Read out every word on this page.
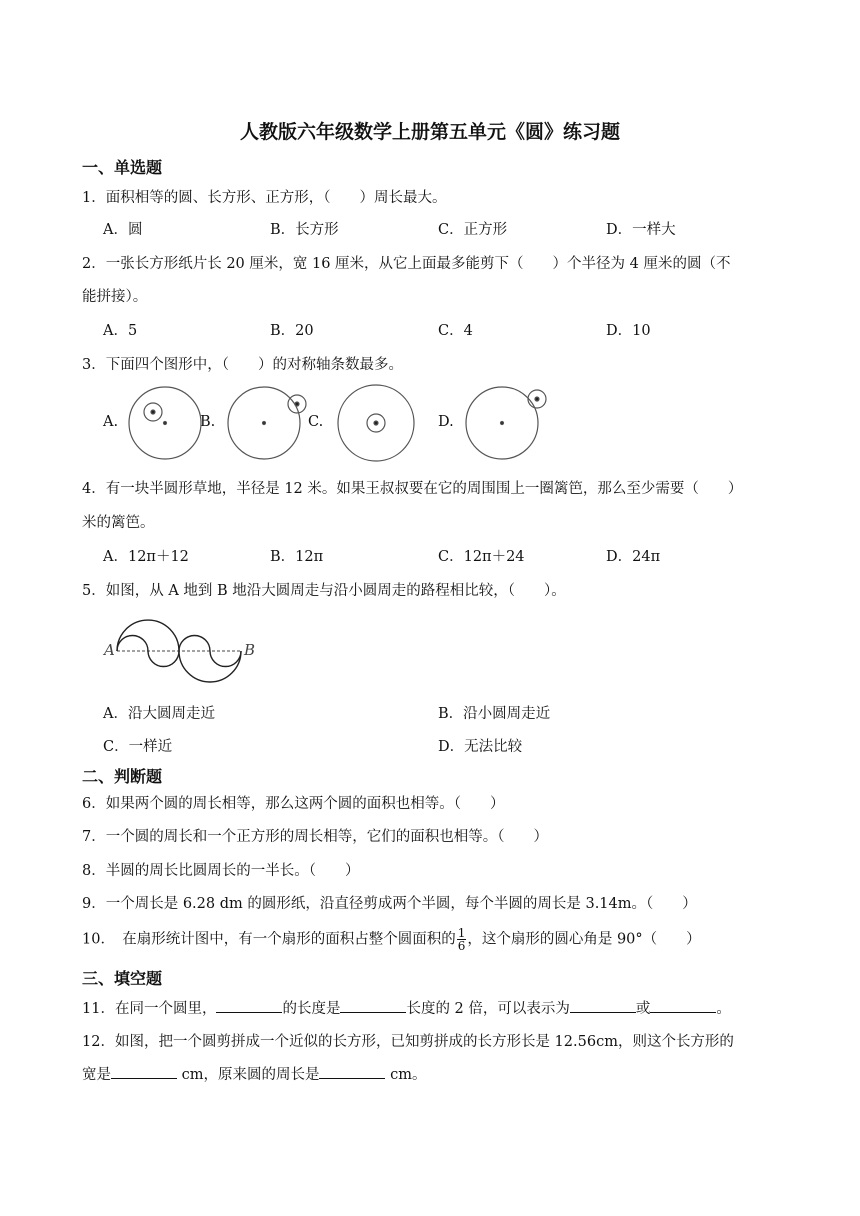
人教版六年级数学上册第五单元《圆》练习题
一、单选题
1．面积相等的圆、长方形、正方形，（　　）周长最大。
A．圆	B．长方形	C．正方形	D．一样大
2．一张长方形纸片长 20 厘米，宽 16 厘米，从它上面最多能剪下（　　）个半径为 4 厘米的圆（不
能拼接）。
A．5	B．20	C．4	D．10
3．下面四个图形中，（　　）的对称轴条数最多。
A.	B.	C.	D.
4．有一块半圆形草地，半径是 12 米。如果王叔叔要在它的周围围上一圈篱笆，那么至少需要（　　）
米的篱笆。
A．12π＋12	B．12π	C．12π＋24	D．24π
5．如图，从 A 地到 B 地沿大圆周走与沿小圆周走的路程相比较，（　　）。
A	B
A．沿大圆周走近	B．沿小圆周走近
C．一样近	D．无法比较
二、判断题
6．如果两个圆的周长相等，那么这两个圆的面积也相等。（　　）
7．一个圆的周长和一个正方形的周长相等，它们的面积也相等。（　　）
8．半圆的周长比圆周长的一半长。（　　）
9．一个周长是 6.28 dm 的圆形纸，沿直径剪成两个半圆，每个半圆的周长是 3.14m。（　　）
10．　在扇形统计图中，有一个扇形的面积占整个圆面积的 $\frac{1}{6}$ ，这个扇形的圆心角是 90°（　　）
三、填空题
11．在同一个圆里，	的长度是	长度的 2 倍，可以表示为	或	。
12．如图，把一个圆剪拼成一个近似的长方形，已知剪拼成的长方形长是 12.56cm，则这个长方形的
宽是	cm，原来圆的周长是	cm。
